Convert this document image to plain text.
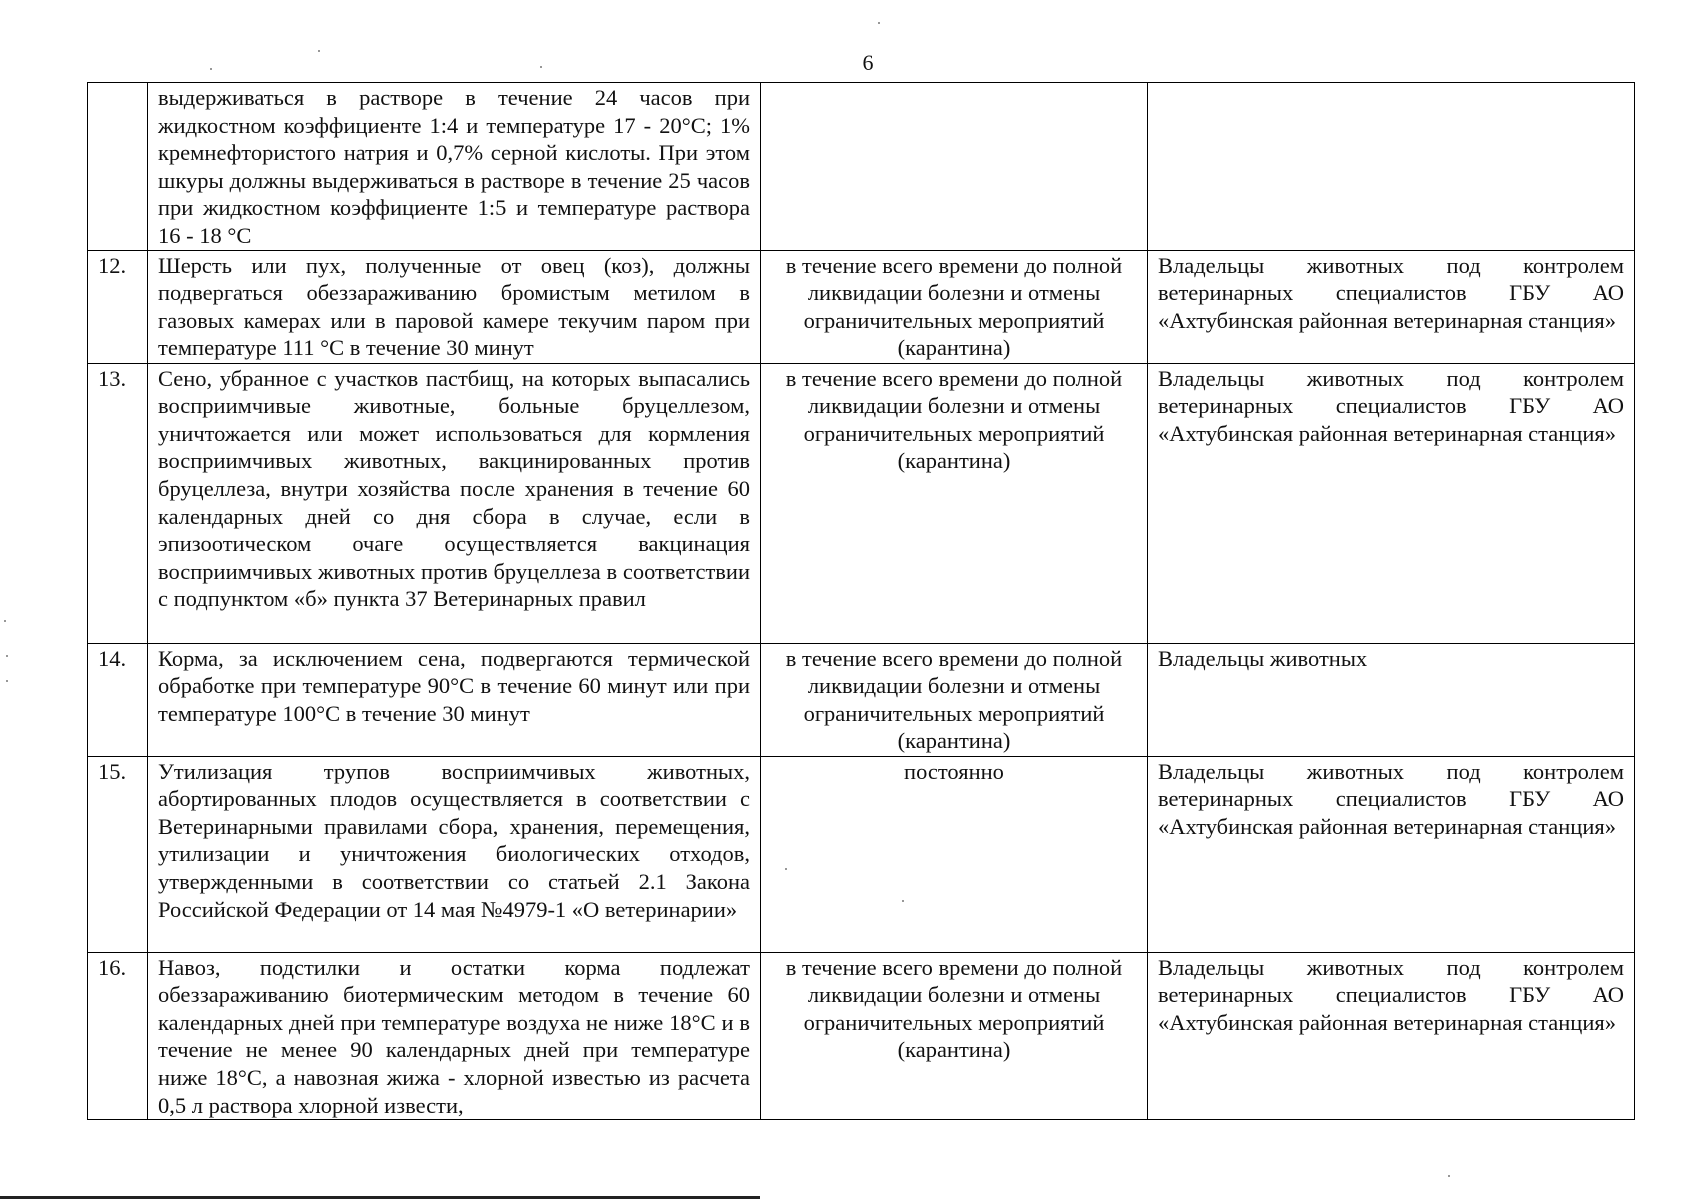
6
	выдерживаться в растворе в течение 24 часов при жидкостном коэффициенте 1:4 и температуре 17 - 20°С; 1% кремнефтористого натрия и 0,7% серной кислоты. При этом шкуры должны выдерживаться в растворе в течение 25 часов при жидкостном коэффициенте 1:5 и температуре раствора 16 - 18 °С		
12.	Шерсть или пух, полученные от овец (коз), должны подвергаться обеззараживанию бромистым метилом в газовых камерах или в паровой камере текучим паром при температуре 111 °С в течение 30 минут	в течение всего времени до полной ликвидации болезни и отмены ограничительных мероприятий (карантина)	Владельцы животных под контролем ветеринарных специалистов ГБУ АО «Ахтубинская районная ветеринарная станция»
13.	Сено, убранное с участков пастбищ, на которых выпасались восприимчивые животные, больные бруцеллезом, уничтожается или может использоваться для кормления восприимчивых животных, вакцинированных против бруцеллеза, внутри хозяйства после хранения в течение 60 календарных дней со дня сбора в случае, если в эпизоотическом очаге осуществляется вакцинация восприимчивых животных против бруцеллеза в соответствии с подпунктом «б» пункта 37 Ветеринарных правил	в течение всего времени до полной ликвидации болезни и отмены ограничительных мероприятий (карантина)	Владельцы животных под контролем ветеринарных специалистов ГБУ АО «Ахтубинская районная ветеринарная станция»
14.	Корма, за исключением сена, подвергаются термической обработке при температуре 90°С в течение 60 минут или при температуре 100°С в течение 30 минут	в течение всего времени до полной ликвидации болезни и отмены ограничительных мероприятий (карантина)	Владельцы животных
15.	Утилизация трупов восприимчивых животных, абортированных плодов осуществляется в соответствии с Ветеринарными правилами сбора, хранения, перемещения, утилизации и уничтожения биологических отходов, утвержденными в соответствии со статьей 2.1 Закона Российской Федерации от 14 мая №4979-1 «О ветеринарии»	постоянно	Владельцы животных под контролем ветеринарных специалистов ГБУ АО «Ахтубинская районная ветеринарная станция»
16.	Навоз, подстилки и остатки корма подлежат обеззараживанию биотермическим методом в течение 60 календарных дней при температуре воздуха не ниже 18°С и в течение не менее 90 календарных дней при температуре ниже 18°С, а навозная жижа - хлорной известью из расчета 0,5 л раствора хлорной извести,	в течение всего времени до полной ликвидации болезни и отмены ограничительных мероприятий (карантина)	Владельцы животных под контролем ветеринарных специалистов ГБУ АО «Ахтубинская районная ветеринарная станция»
